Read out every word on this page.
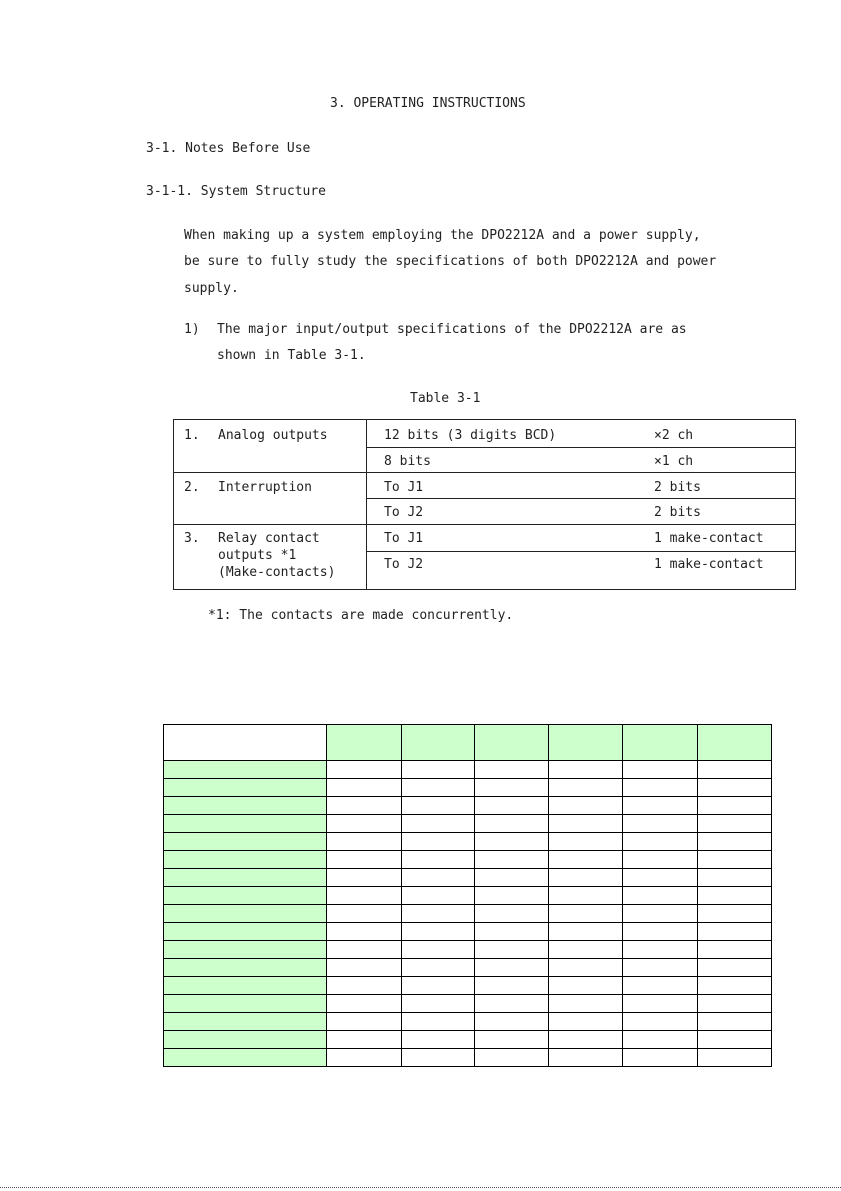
3. OPERATING INSTRUCTIONS
3-1. Notes Before Use
3-1-1. System Structure
When making up a system employing the DPO2212A and a power supply,
be sure to fully study the specifications of both DPO2212A and power
supply.
1) The major input/output specifications of the DPO2212A are as
shown in Table 3-1.
Table 3-1
1. Analog outputs	12 bits (3 digits BCD)	×2 ch
8 bits	×1 ch
2. Interruption	To J1	2 bits
To J2	2 bits
3. Relay contact
outputs *1
(Make-contacts)
To J1	1 make-contact
To J2	1 make-contact
*1: The contacts are made concurrently.
